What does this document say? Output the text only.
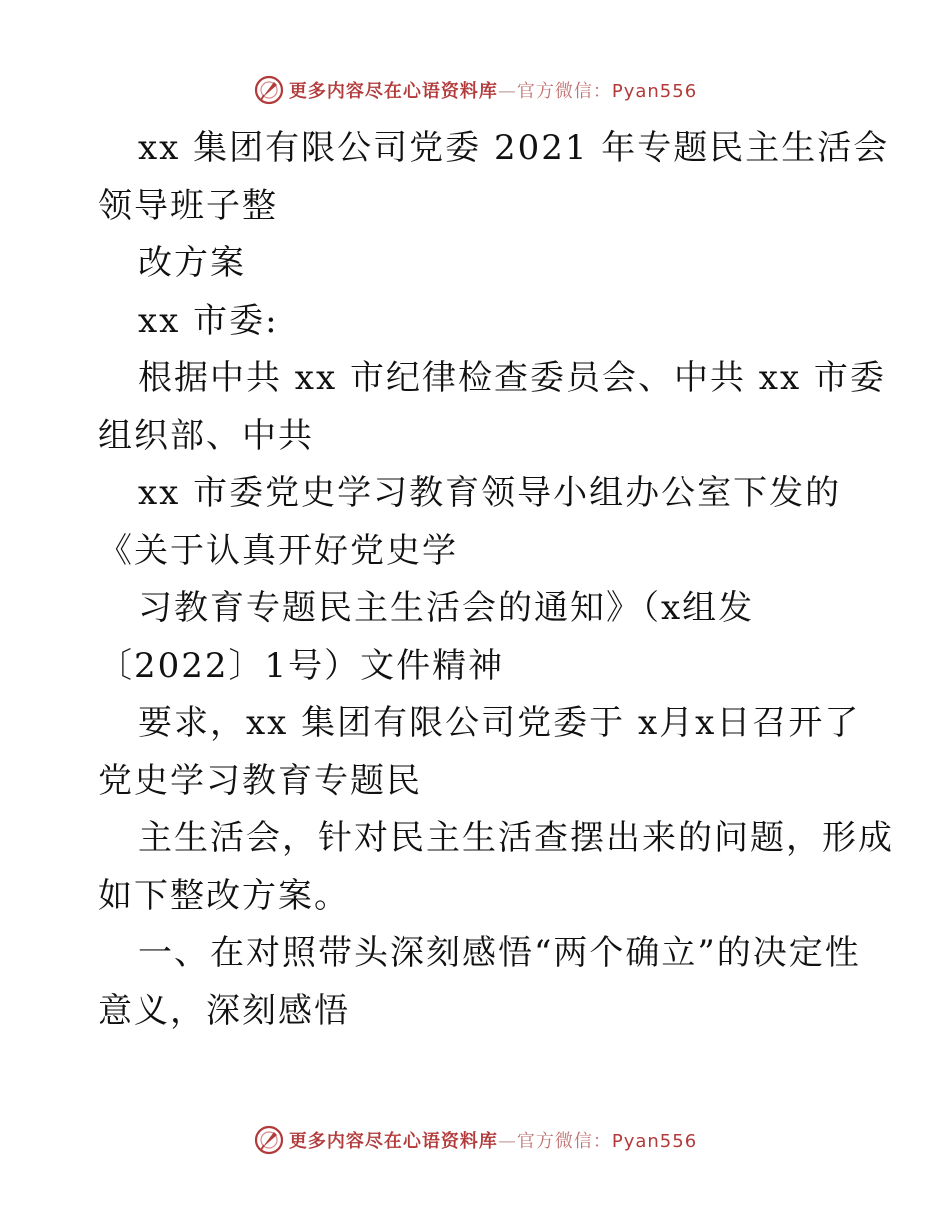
更多内容尽在心语资料库—官方微信：Pyan556
xx 集团有限公司党委 2021 年专题民主生活会
领导班子整
改方案
xx 市委:
根据中共 xx 市纪律检查委员会、中共 xx 市委
组织部、中共
xx 市委党史学习教育领导小组办公室下发的
《关于认真开好党史学
习教育专题民主生活会的通知》（x组发
〔2022〕1号）文件精神
要求，xx 集团有限公司党委于 x月x日召开了
党史学习教育专题民
主生活会，针对民主生活查摆出来的问题，形成
如下整改方案。
一、在对照带头深刻感悟“两个确立”的决定性
意义，深刻感悟
更多内容尽在心语资料库—官方微信：Pyan556
